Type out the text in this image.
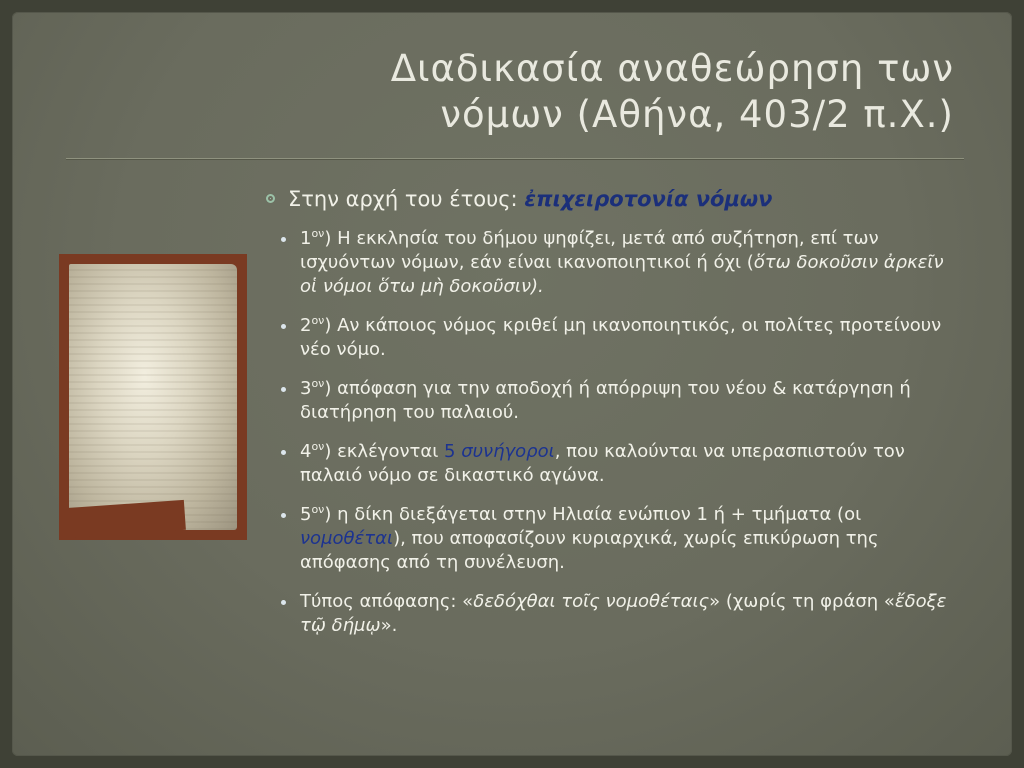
Διαδικασία αναθεώρηση των
νόμων (Αθήνα, 403/2 π.Χ.)
Στην αρχή του έτους: ἐπιχειροτονία νόμων
$1^{o\nu}$) Η εκκλησία του δήμου ψηφίζει, μετά από συζήτηση, επί των ισχυόντων νόμων, εάν είναι ικανοποιητικοί ή όχι (ὅτω δοκοῦσιν ἀρκεῖν οἱ νόμοι ὅτω μὴ δοκοῦσιν).
$2^{o\nu}$) Αν κάποιος νόμος κριθεί μη ικανοποιητικός, οι πολίτες προτείνουν νέο νόμο.
$3^{o\nu}$) απόφαση για την αποδοχή ή απόρριψη του νέου & κατάργηση ή διατήρηση του παλαιού.
$4^{o\nu}$) εκλέγονται 5 συνήγοροι, που καλούνται να υπερασπιστούν τον παλαιό νόμο σε δικαστικό αγώνα.
$5^{o\nu}$) η δίκη διεξάγεται στην Ηλιαία ενώπιον 1 ή + τμήματα (οι νομοθέται), που αποφασίζουν κυριαρχικά, χωρίς επικύρωση της απόφασης από τη συνέλευση.
Τύπος απόφασης: «δεδόχθαι τοῖς νομοθέταις» (χωρίς τη φράση «ἔδοξε τῷ δήμῳ».
